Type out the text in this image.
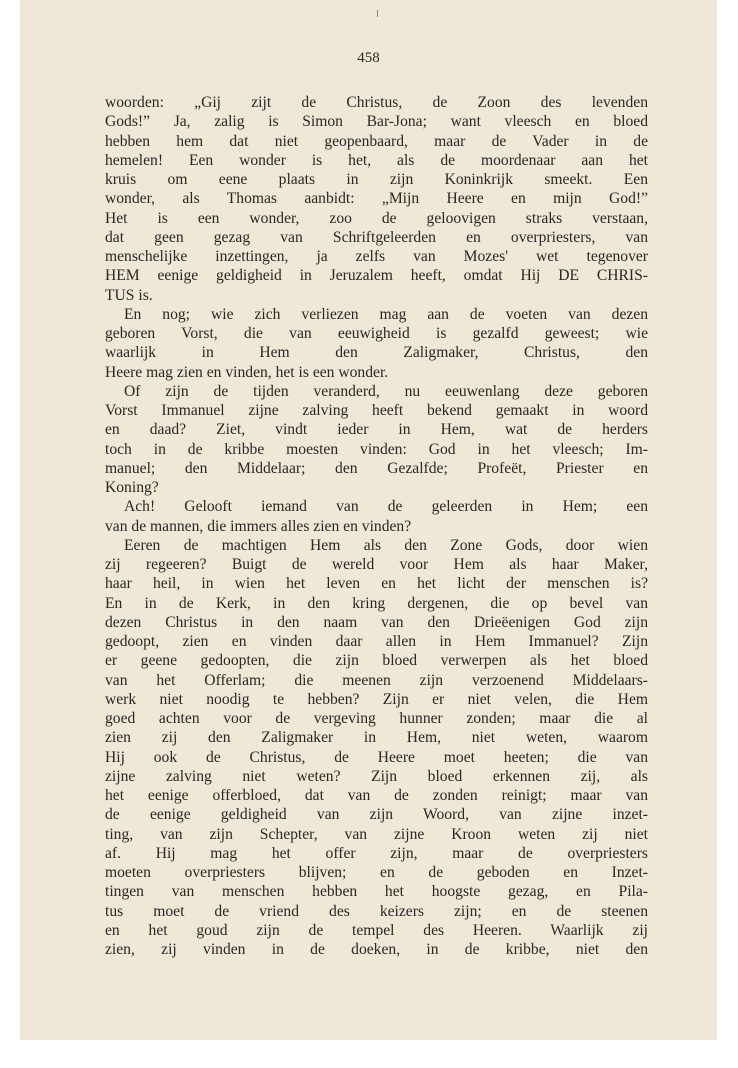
458
woorden: „Gij zijt de Christus, de Zoon des levenden
Gods!” Ja, zalig is Simon Bar-Jona; want vleesch en bloed
hebben hem dat niet geopenbaard, maar de Vader in de
hemelen! Een wonder is het, als de moordenaar aan het
kruis om eene plaats in zijn Koninkrijk smeekt. Een
wonder, als Thomas aanbidt: „Mijn Heere en mijn God!”
Het is een wonder, zoo de geloovigen straks verstaan,
dat geen gezag van Schriftgeleerden en overpriesters, van
menschelijke inzettingen, ja zelfs van Mozes' wet tegenover
HEM eenige geldigheid in Jeruzalem heeft, omdat Hij DE CHRIS-
TUS is.
En nog; wie zich verliezen mag aan de voeten van dezen
geboren Vorst, die van eeuwigheid is gezalfd geweest; wie
waarlijk in Hem den Zaligmaker, Christus, den
Heere mag zien en vinden, het is een wonder.
Of zijn de tijden veranderd, nu eeuwenlang deze geboren
Vorst Immanuel zijne zalving heeft bekend gemaakt in woord
en daad? Ziet, vindt ieder in Hem, wat de herders
toch in de kribbe moesten vinden: God in het vleesch; Im-
manuel; den Middelaar; den Gezalfde; Profeët, Priester en
Koning?
Ach! Gelooft iemand van de geleerden in Hem; een
van de mannen, die immers alles zien en vinden?
Eeren de machtigen Hem als den Zone Gods, door wien
zij regeeren? Buigt de wereld voor Hem als haar Maker,
haar heil, in wien het leven en het licht der menschen is?
En in de Kerk, in den kring dergenen, die op bevel van
dezen Christus in den naam van den Drieëenigen God zijn
gedoopt, zien en vinden daar allen in Hem Immanuel? Zijn
er geene gedoopten, die zijn bloed verwerpen als het bloed
van het Offerlam; die meenen zijn verzoenend Middelaars-
werk niet noodig te hebben? Zijn er niet velen, die Hem
goed achten voor de vergeving hunner zonden; maar die al
zien zij den Zaligmaker in Hem, niet weten, waarom
Hij ook de Christus, de Heere moet heeten; die van
zijne zalving niet weten? Zijn bloed erkennen zij, als
het eenige offerbloed, dat van de zonden reinigt; maar van
de eenige geldigheid van zijn Woord, van zijne inzet-
ting, van zijn Schepter, van zijne Kroon weten zij niet
af. Hij mag het offer zijn, maar de overpriesters
moeten overpriesters blijven; en de geboden en Inzet-
tingen van menschen hebben het hoogste gezag, en Pila-
tus moet de vriend des keizers zijn; en de steenen
en het goud zijn de tempel des Heeren. Waarlijk zij
zien, zij vinden in de doeken, in de kribbe, niet den
